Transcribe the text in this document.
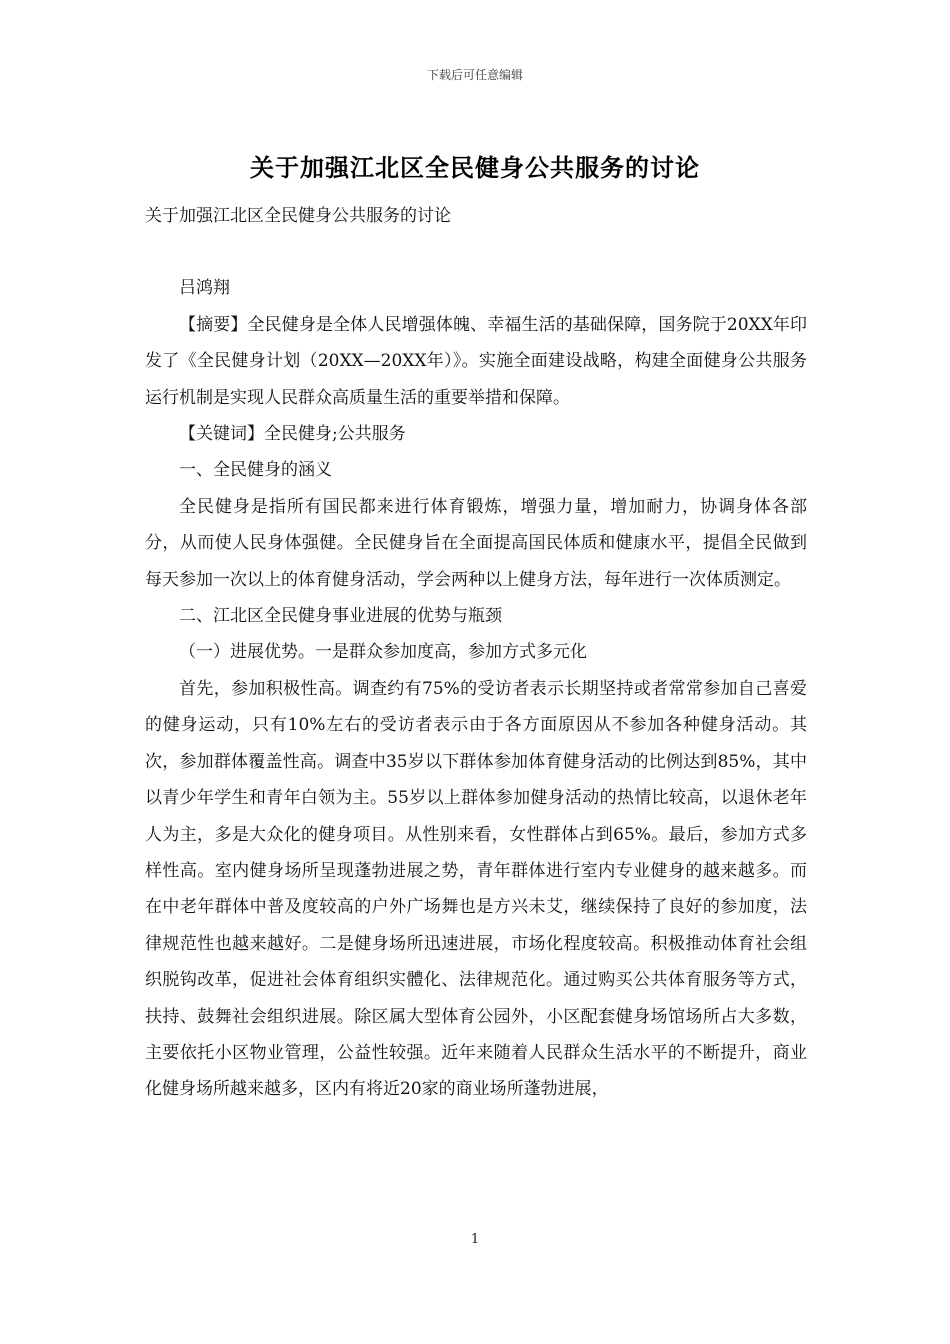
下载后可任意编辑
关于加强江北区全民健身公共服务的讨论

关于加强江北区全民健身公共服务的讨论

吕鸿翔

【摘要】全民健身是全体人民增强体魄、幸福生活的基础保障，国务院于20XX年印发了《全民健身计划（20XX—20XX年）》。实施全面建设战略，构建全面健身公共服务运行机制是实现人民群众高质量生活的重要举措和保障。

【关键词】全民健身;公共服务

一、全民健身的涵义

全民健身是指所有国民都来进行体育锻炼，增强力量，增加耐力，协调身体各部分，从而使人民身体强健。全民健身旨在全面提高国民体质和健康水平，提倡全民做到每天参加一次以上的体育健身活动，学会两种以上健身方法，每年进行一次体质测定。

二、江北区全民健身事业进展的优势与瓶颈

（一）进展优势。一是群众参加度高，参加方式多元化

首先，参加积极性高。调查约有75%的受访者表示长期坚持或者常常参加自己喜爱的健身运动，只有10%左右的受访者表示由于各方面原因从不参加各种健身活动。其次，参加群体覆盖性高。调查中35岁以下群体参加体育健身活动的比例达到85%，其中以青少年学生和青年白领为主。55岁以上群体参加健身活动的热情比较高，以退休老年人为主，多是大众化的健身项目。从性别来看，女性群体占到65%。最后，参加方式多样性高。室内健身场所呈现蓬勃进展之势，青年群体进行室内专业健身的越来越多。而在中老年群体中普及度较高的户外广场舞也是方兴未艾，继续保持了良好的参加度，法律规范性也越来越好。二是健身场所迅速进展，市场化程度较高。积极推动体育社会组织脱钩改革，促进社会体育组织实體化、法律规范化。通过购买公共体育服务等方式，扶持、鼓舞社会组织进展。除区属大型体育公园外，小区配套健身场馆场所占大多数，主要依托小区物业管理，公益性较强。近年来随着人民群众生活水平的不断提升，商业化健身场所越来越多，区内有将近20家的商业场所蓬勃进展，

1
